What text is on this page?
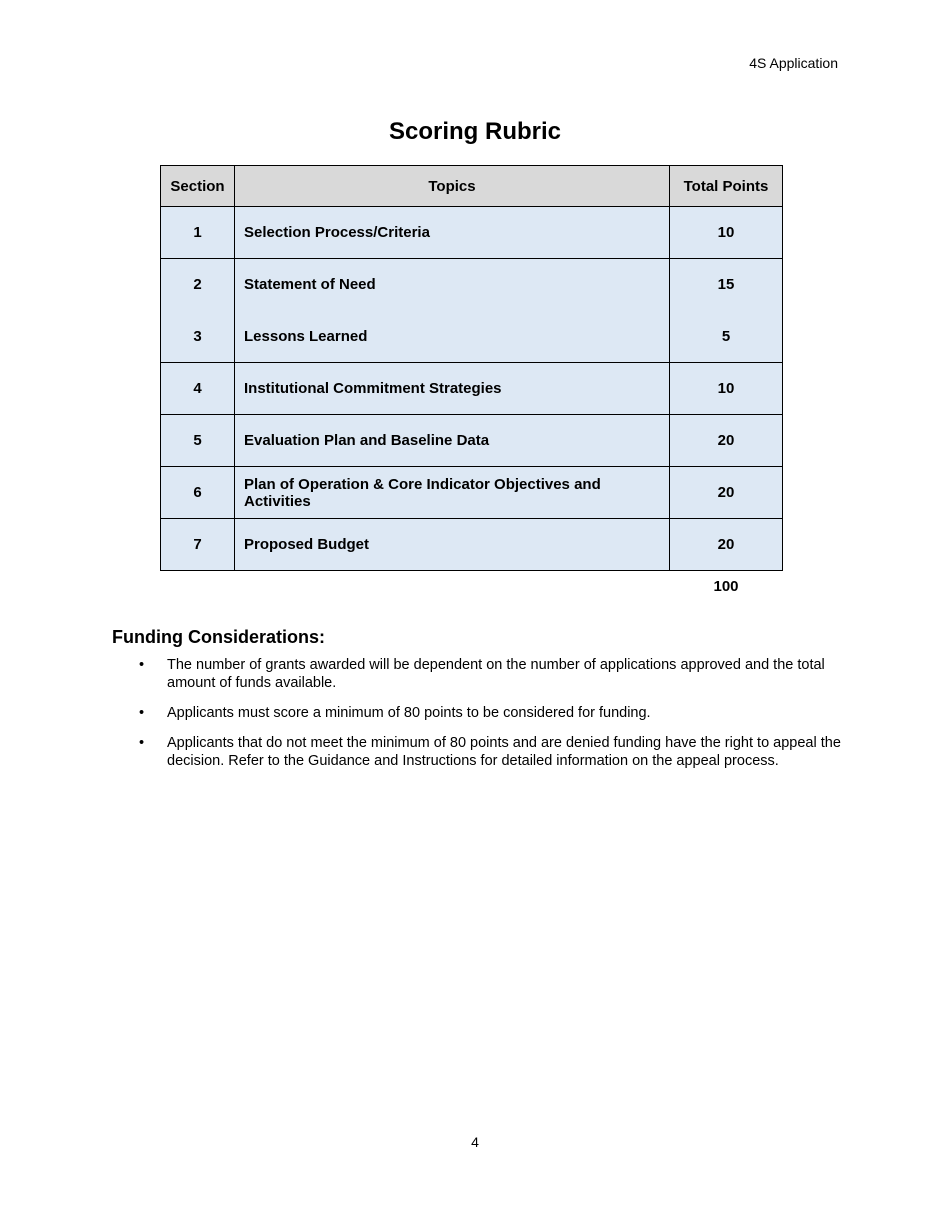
4S Application
Scoring Rubric
Section	Topics	Total Points
1	Selection Process/Criteria	10
2	Statement of Need	15
3	Lessons Learned	5
4	Institutional Commitment Strategies	10
5	Evaluation Plan and Baseline Data	20
6	Plan of Operation & Core Indicator Objectives and Activities	20
7	Proposed Budget	20
		100
Funding Considerations:
• The number of grants awarded will be dependent on the number of applications approved and the total amount of funds available.
• Applicants must score a minimum of 80 points to be considered for funding.
• Applicants that do not meet the minimum of 80 points and are denied funding have the right to appeal the decision. Refer to the Guidance and Instructions for detailed information on the appeal process.
4
